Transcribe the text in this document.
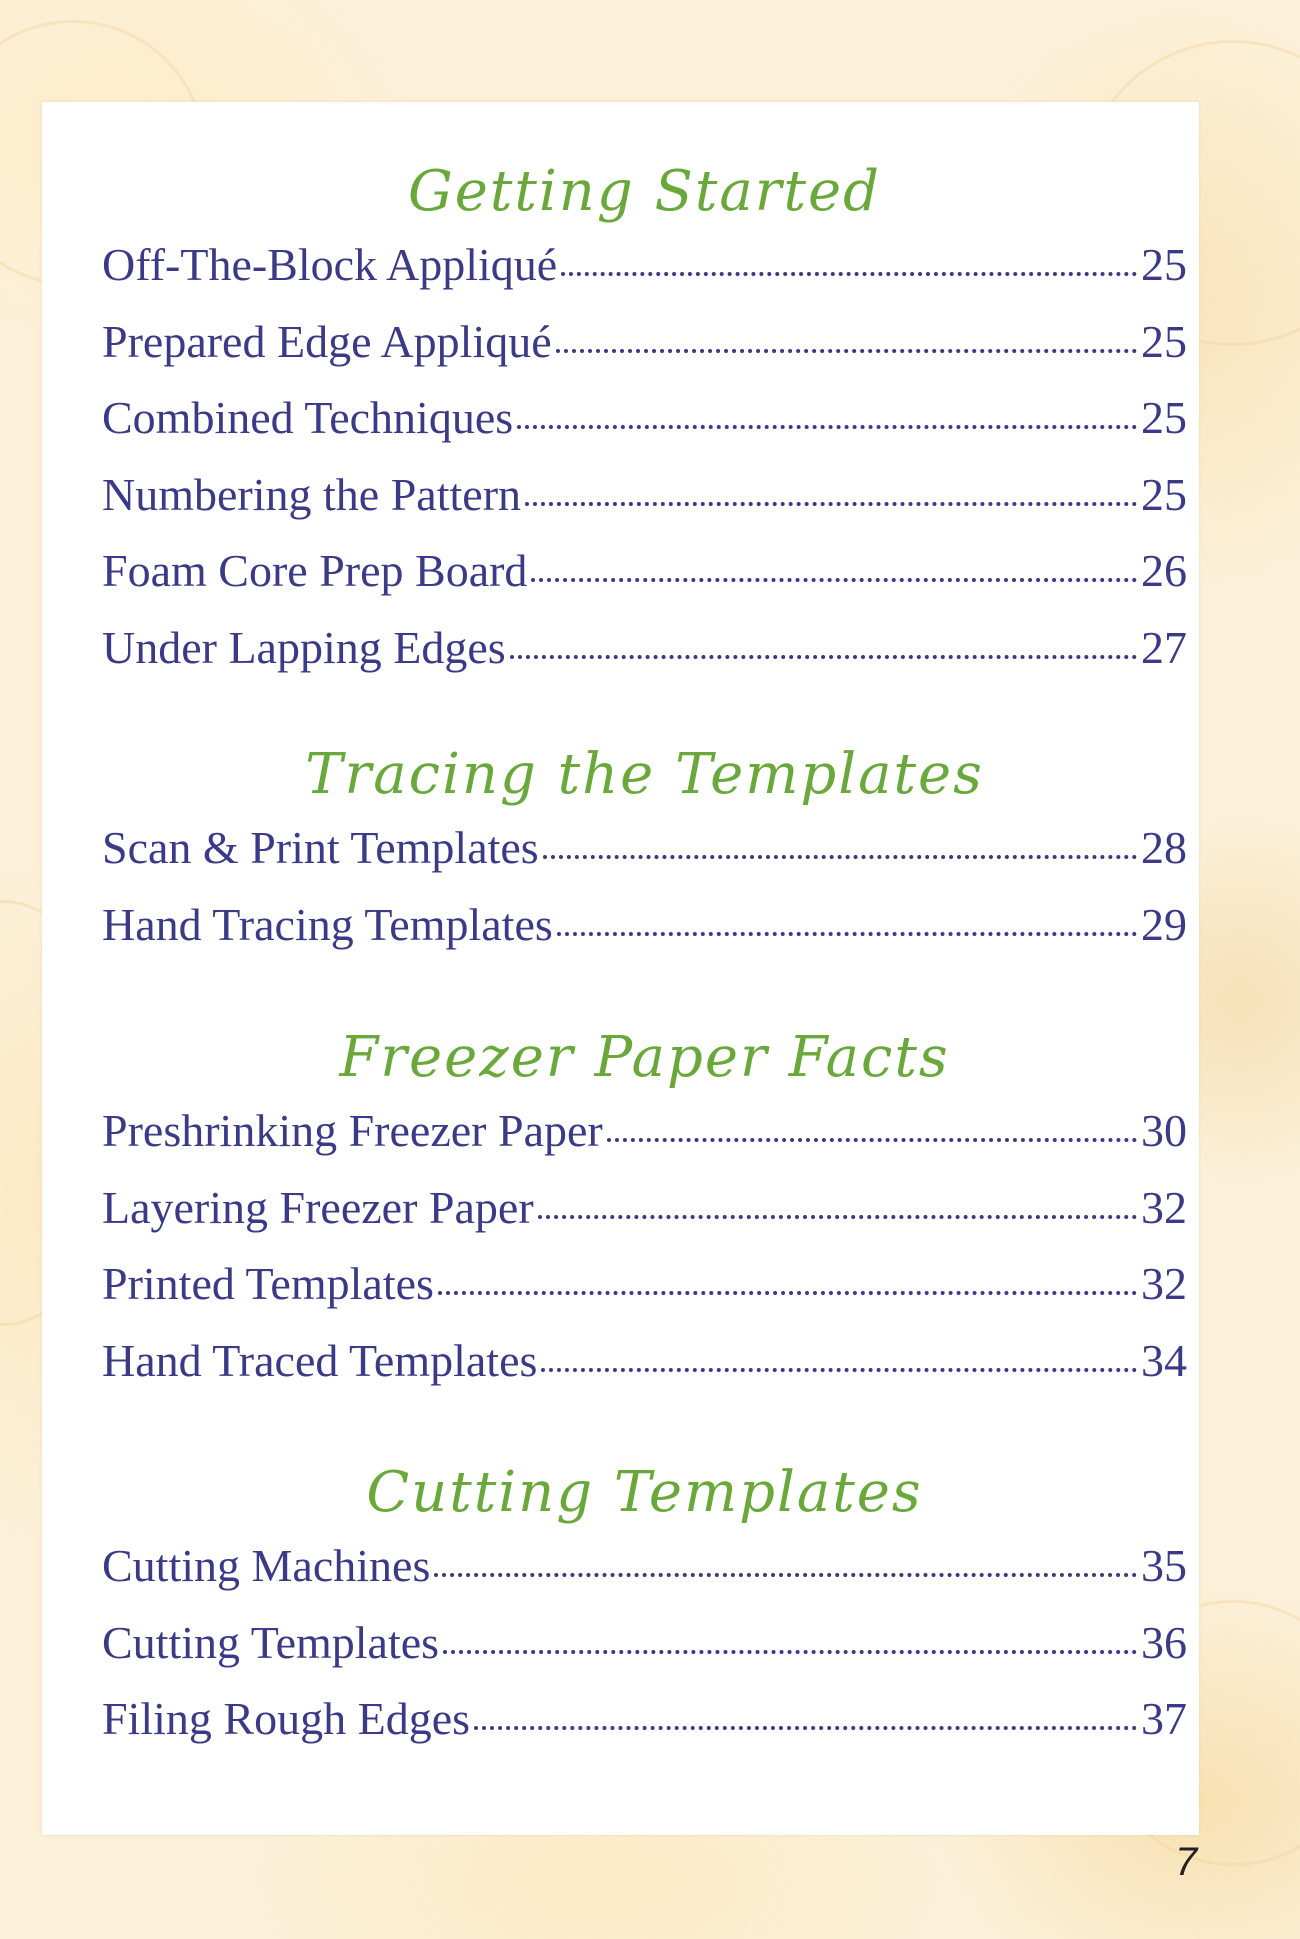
Getting Started
Off-The-Block Appliqué	25
Prepared Edge Appliqué	25
Combined Techniques	25
Numbering the Pattern	25
Foam Core Prep Board	26
Under Lapping Edges	27
Tracing the Templates
Scan & Print Templates	28
Hand Tracing Templates	29
Freezer Paper Facts
Preshrinking Freezer Paper	30
Layering Freezer Paper	32
Printed Templates	32
Hand Traced Templates	34
Cutting Templates
Cutting Machines	35
Cutting Templates	36
Filing Rough Edges	37
7
